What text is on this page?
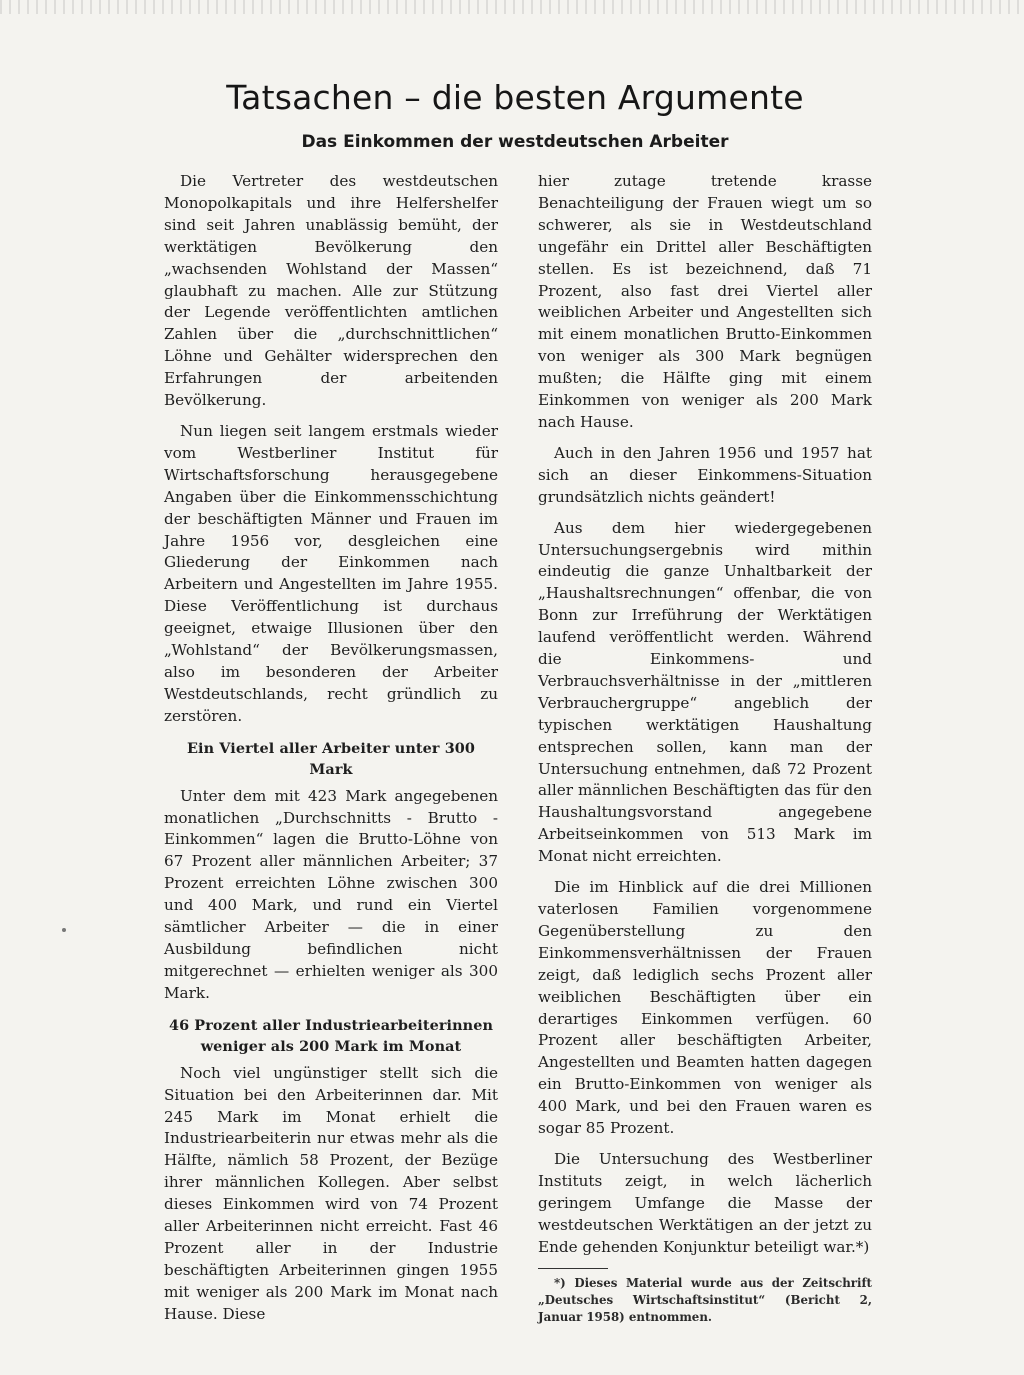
Tatsachen – die besten Argumente
Das Einkommen der westdeutschen Arbeiter

Die Vertreter des westdeutschen Monopolkapitals und ihre Helfershelfer sind seit Jahren unablässig bemüht, der werktätigen Bevölkerung den „wachsenden Wohlstand der Massen“ glaubhaft zu machen. Alle zur Stützung der Legende veröffentlichten amtlichen Zahlen über die „durchschnittlichen“ Löhne und Gehälter widersprechen den Erfahrungen der arbeitenden Bevölkerung.

Nun liegen seit langem erstmals wieder vom Westberliner Institut für Wirtschaftsforschung herausgegebene Angaben über die Einkommensschichtung der beschäftigten Männer und Frauen im Jahre 1956 vor, desgleichen eine Gliederung der Einkommen nach Arbeitern und Angestellten im Jahre 1955. Diese Veröffentlichung ist durchaus geeignet, etwaige Illusionen über den „Wohlstand“ der Bevölkerungsmassen, also im besonderen der Arbeiter Westdeutschlands, recht gründlich zu zerstören.

Ein Viertel aller Arbeiter unter 300 Mark

Unter dem mit 423 Mark angegebenen monatlichen „Durchschnitts - Brutto - Einkommen“ lagen die Brutto-Löhne von 67 Prozent aller männlichen Arbeiter; 37 Prozent erreichten Löhne zwischen 300 und 400 Mark, und rund ein Viertel sämtlicher Arbeiter — die in einer Ausbildung befindlichen nicht mitgerechnet — erhielten weniger als 300 Mark.

46 Prozent aller Industriearbeiterinnen weniger als 200 Mark im Monat

Noch viel ungünstiger stellt sich die Situation bei den Arbeiterinnen dar. Mit 245 Mark im Monat erhielt die Industriearbeiterin nur etwas mehr als die Hälfte, nämlich 58 Prozent, der Bezüge ihrer männlichen Kollegen. Aber selbst dieses Einkommen wird von 74 Prozent aller Arbeiterinnen nicht erreicht. Fast 46 Prozent aller in der Industrie beschäftigten Arbeiterinnen gingen 1955 mit weniger als 200 Mark im Monat nach Hause. Diese

hier zutage tretende krasse Benachteiligung der Frauen wiegt um so schwerer, als sie in Westdeutschland ungefähr ein Drittel aller Beschäftigten stellen. Es ist bezeichnend, daß 71 Prozent, also fast drei Viertel aller weiblichen Arbeiter und Angestellten sich mit einem monatlichen Brutto-Einkommen von weniger als 300 Mark begnügen mußten; die Hälfte ging mit einem Einkommen von weniger als 200 Mark nach Hause.

Auch in den Jahren 1956 und 1957 hat sich an dieser Einkommens-Situation grundsätzlich nichts geändert!

Aus dem hier wiedergegebenen Untersuchungsergebnis wird mithin eindeutig die ganze Unhaltbarkeit der „Haushaltsrechnungen“ offenbar, die von Bonn zur Irreführung der Werktätigen laufend veröffentlicht werden. Während die Einkommens- und Verbrauchsverhältnisse in der „mittleren Verbrauchergruppe“ angeblich der typischen werktätigen Haushaltung entsprechen sollen, kann man der Untersuchung entnehmen, daß 72 Prozent aller männlichen Beschäftigten das für den Haushaltungsvorstand angegebene Arbeitseinkommen von 513 Mark im Monat nicht erreichten.

Die im Hinblick auf die drei Millionen vaterlosen Familien vorgenommene Gegenüberstellung zu den Einkommensverhältnissen der Frauen zeigt, daß lediglich sechs Prozent aller weiblichen Beschäftigten über ein derartiges Einkommen verfügen. 60 Prozent aller beschäftigten Arbeiter, Angestellten und Beamten hatten dagegen ein Brutto-Einkommen von weniger als 400 Mark, und bei den Frauen waren es sogar 85 Prozent.

Die Untersuchung des Westberliner Instituts zeigt, in welch lächerlich geringem Umfange die Masse der westdeutschen Werktätigen an der jetzt zu Ende gehenden Konjunktur beteiligt war.*)

*) Dieses Material wurde aus der Zeitschrift „Deutsches Wirtschaftsinstitut“ (Bericht 2, Januar 1958) entnommen.
